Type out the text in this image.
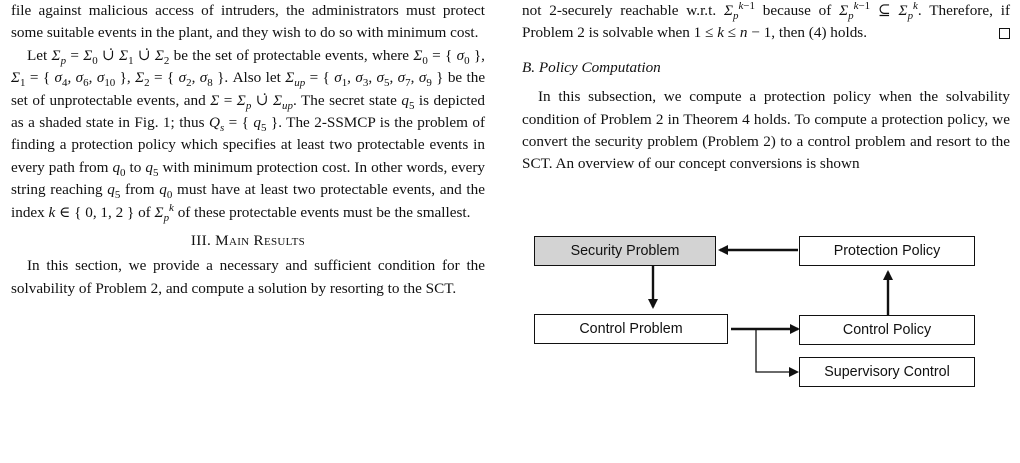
file against malicious access of intruders, the administrators must protect some suitable events in the plant, and they wish to do so with minimum cost.

Let $\Sigma_p = \Sigma_0$ ∪̇ $\Sigma_1$ ∪̇ $\Sigma_2$ be the set of protectable events, where $\Sigma_0$ = { $\sigma_0$ }, $\Sigma_1$ = { $\sigma_4$, $\sigma_6$, $\sigma_{10}$ }, $\Sigma_2$ = { $\sigma_2$, $\sigma_8$ }. Also let $\Sigma_{up}$ = { $\sigma_1$, $\sigma_3$, $\sigma_5$, $\sigma_7$, $\sigma_9$ } be the set of unprotectable events, and $\Sigma = \Sigma_p$ ∪̇ $\Sigma_{up}$. The secret state $q_5$ is depicted as a shaded state in Fig. 1; thus $Q_s$ = { $q_5$ }. The 2-SSMCP is the problem of finding a protection policy which specifies at least two protectable events in every path from $q_0$ to $q_5$ with minimum protection cost. In other words, every string reaching $q_5$ from $q_0$ must have at least two protectable events, and the index k ∈ { 0, 1, 2 } of $\Sigma_p^k$ of these protectable events must be the smallest.

III. Main Results

In this section, we provide a necessary and sufficient condition for the solvability of Problem 2, and compute a solution by resorting to the SCT.

not 2-securely reachable w.r.t. $\Sigma_p^{k-1}$ because of $\Sigma_p^{k-1}$ ⊆ $\Sigma_p^k$. Therefore, if Problem 2 is solvable when 1 ≤ k ≤ n − 1, then (4) holds.

B. Policy Computation

In this subsection, we compute a protection policy when the solvability condition of Problem 2 in Theorem 4 holds. To compute a protection policy, we convert the security problem (Problem 2) to a control problem and resort to the SCT. An overview of our concept conversions is shown

Security Problem	Protection Policy
Control Problem	Control Policy
Supervisory Control
